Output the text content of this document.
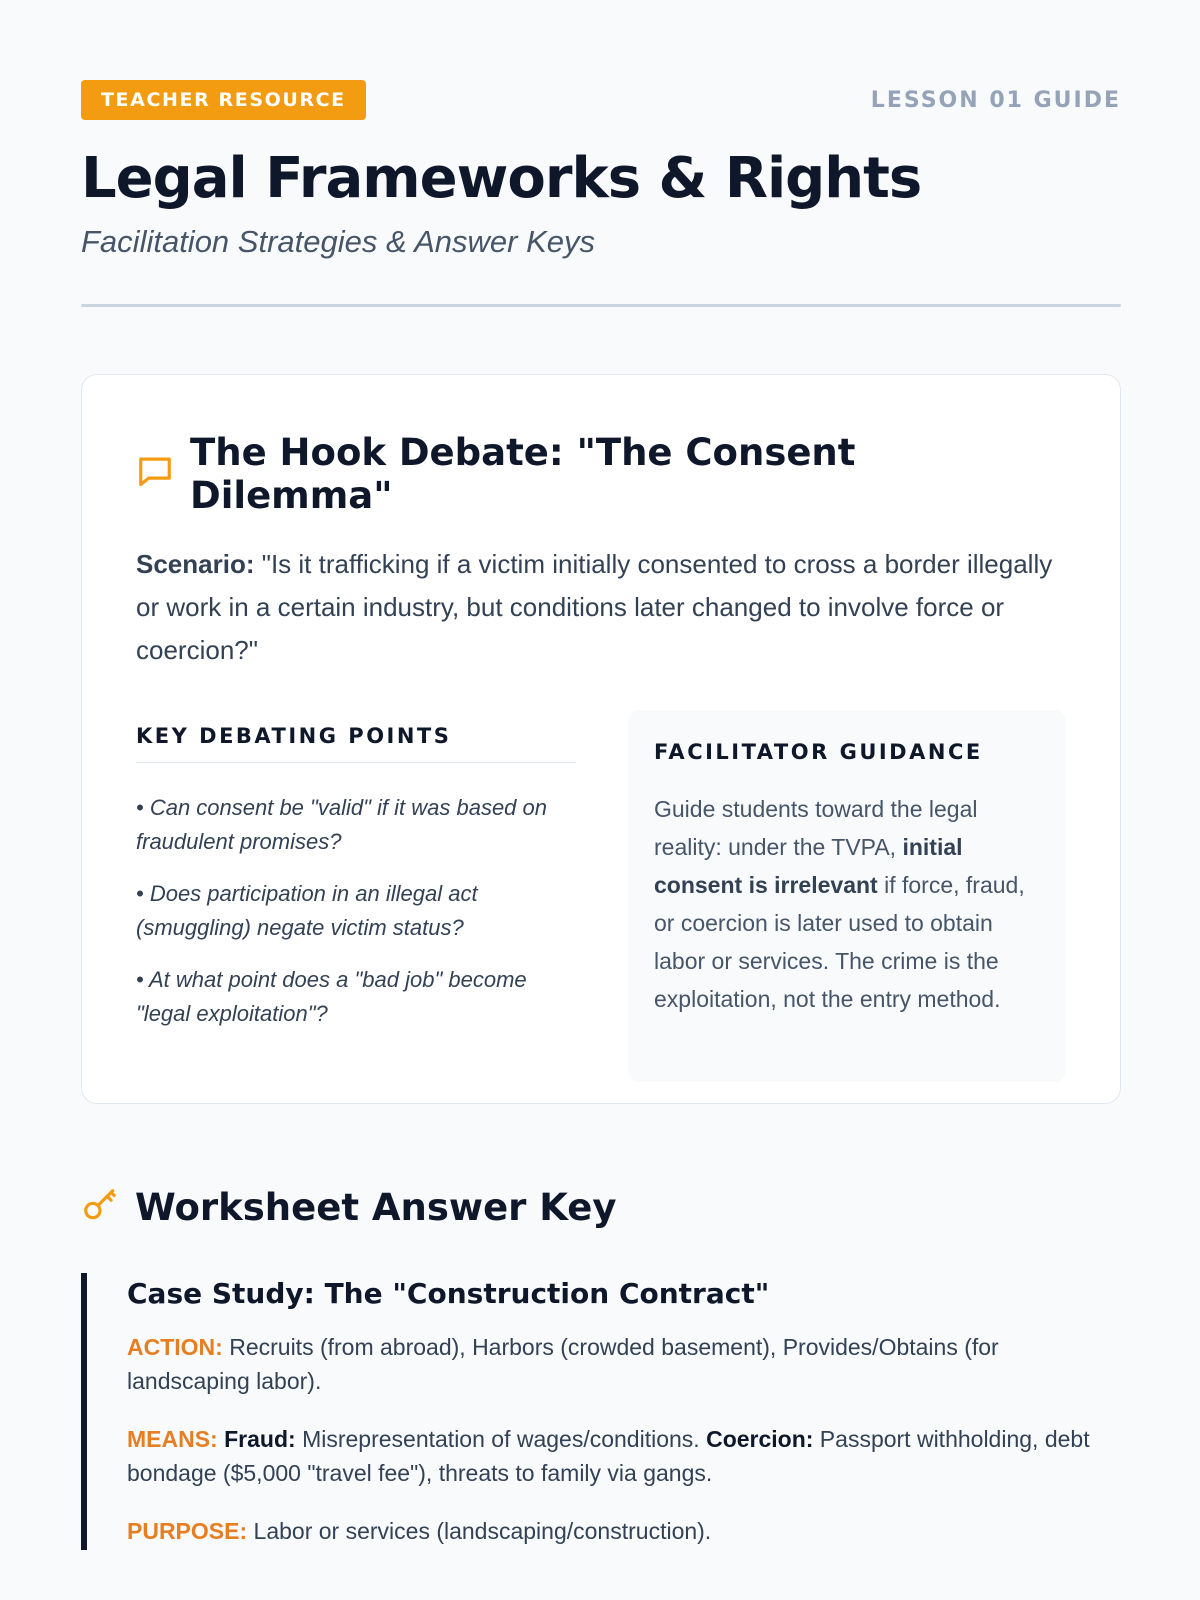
TEACHER RESOURCE	LESSON 01 GUIDE
Legal Frameworks & Rights
Facilitation Strategies & Answer Keys
The Hook Debate: "The Consent Dilemma"

Scenario: "Is it trafficking if a victim initially consented to cross a border illegally or work in a certain industry, but conditions later changed to involve force or coercion?"

KEY DEBATING POINTS
• Can consent be "valid" if it was based on fraudulent promises?
• Does participation in an illegal act (smuggling) negate victim status?
• At what point does a "bad job" become "legal exploitation"?
FACILITATOR GUIDANCE

Guide students toward the legal reality: under the TVPA, initial consent is irrelevant if force, fraud, or coercion is later used to obtain labor or services. The crime is the exploitation, not the entry method.

Worksheet Answer Key
Case Study: The "Construction Contract"

ACTION: Recruits (from abroad), Harbors (crowded basement), Provides/Obtains (for landscaping labor).

MEANS: Fraud: Misrepresentation of wages/conditions. Coercion: Passport withholding, debt bondage ($5,000 "travel fee"), threats to family via gangs.

PURPOSE: Labor or services (landscaping/construction).
